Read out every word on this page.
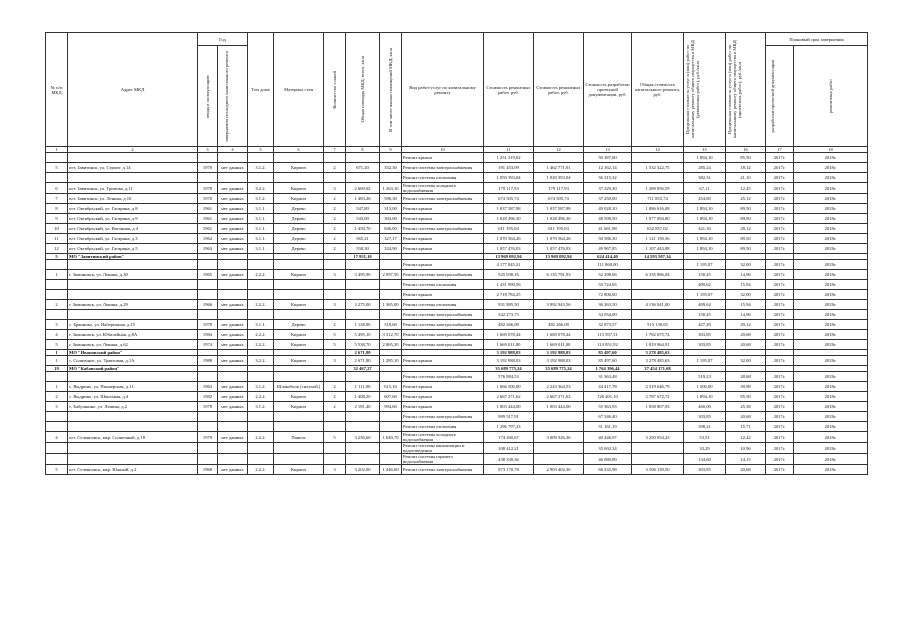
№ п/п МКД	Адрес МКД	Год		Тип дома	Материал стен	Количество этажей	Общая площадь МКД, всего, кв.м	В том числе жилых помещений МКД, кв.м	Вид работ/услуг по капитальному ремонту	Стоимость ремонтных работ, руб.	Стоимость ремонтных работ, руб.	Стоимость разработки проектной документации, руб.	Общая стоимость капитального ремонта, руб.	Предельная стоимость услуг и (или) работ по капитальному ремонту общего имущества в МКД (ремонтных работ), руб./кв.м	Предельная стоимость услуг и (или) работ по капитальному ремонту общего имущества в МКД (проектных работ), руб./кв.м	Плановый срок завершения	

		ввода в эксплуатацию	завершения последнего капитального ремонта													разработки проектной документации	ремонтных работ

1	2	3	4	5	6	7	8	9	10	11	12	13	14	15	16	17	18
									Ремонт крыши	1 251 319,02		50 387,60		1 894,10	85,50	2017г.	2018г.
5	пгт. Завитинск, ул. Строит. д.14	1970	нет данных	3.1.2.	Кирпич	2	671,20	352,30	Ремонт системы электроснабжения	191 453,09	1 462 771,01	12 162,14	1 532 322,75	285,24	18,12	2017г.	2018г.
									Ремонт системы отопления	1 050 393,04	1 020 393,04	56 315,32		382,31	21,10	2017г.	2018г.
6	пгт. Завитинск, ул. Громова, д.11	1978	нет данных	3.2.2.	Кирпич	3	2 669,02	1 263,10	Ремонт системы холодного водоснабжения	179 117,93	179 117,93	37 229,30	1 289 056,59	67,11	12,45	2017г.	2018г.
7	пгт. Завитинск, ул. Ленина, д.10	1970	нет данных	3.1.2.	Кирпич	2	1 483,26	596,30	Ремонт системы электроснабжения	674 505,74	674 505,74	37 250,00	711 855,74	454,80	25,12	2017г.	2018г.
8	пгт. Октябрьский, ул. Гагарина, д.8	1961	нет данных	3.1.1.	Дерево	2	547,80	313,00	Ремонт крыши	1 037 587,98	1 037 587,98	49 028,10	1 086 616,08	1 894,10	89,50	2017г.	2018г.
9	пгт. Октябрьский, ул. Гагарина, д.9	1961	нет данных	3.1.1.	Дерево	2	543,00	304,00	Ремонт крыши	1 028 496,30	1 028 496,30	48 598,50	1 077 094,80	1 894,10	89,50	2017г.	2018г.
10	пгт. Октябрьский, ул. Вагонная, д.4	1961	нет данных	3.1.1.	Дерево	2	1 450,70	846,00	Ремонт системы электроснабжения	611 195,04	611 195,04	41 661,98	652 857,02	421,30	28,12	2017г.	2018г.
11	пгт. Октябрьский, ул. Гагарина, д.3	1962	нет данных	3.1.1.	Дерево	2	565,21	327,17	Ремонт крыши	1 070 564,26	1 070 564,26	50 586,30	1 121 150,56	1 894,10	89,50	2017г.	2018г.
12	пгт. Октябрьский, ул. Гагарина, д.5	1963	нет данных	3.1.1.	Дерево	2	558,30	324,90	Ремонт крыши	1 057 476,03	1 057 476,03	49 967,85	1 107 443,88	1 894,10	89,50	2017г.	2018г.
5	МО "Завитинский район"						17 951,10			13 969 092,94	13 969 092,94	624 414,40	14 593 507,34				
									Ремонт крыши	4 177 845,21		111 868,00		1 195,07	32,00	2017г.	2018г.
1	г. Зиминовск, ул. Ленина, д.30	1965	нет данных	2.2.2.	Кирпич	3	3 495,90	2 097,50	Ремонт системы электроснабжения	525 938,16	6 135 791,93	52 298,66	6 335 886,04	150,45	14,96	2017г.	2018г.
									Ремонт системы отопления	1 431 990,56		53 724,65		409,62	15,94	2017г.	2018г.
									Ремонт крыши	2 718 784,25		72 806,00		1 195,07	32,00	2017г.	2018г.
2	г. Зиминовск, ул. Ленина, д.29	1966	нет данных	2.2.2.	Кирпич	3	2 275,00	1 365,00	Ремонт системы отопления	931 885,50	3 992 943,56	36 263,50	4 136 041,00	409,62	15,94	2017г.	2018г.
									Ремонт системы электроснабжения	342 273,75		34 034,00		150,45	14,96	2017г.	2018г.
3	с. Бранново, ул. Набережная, д.15	1978	нет данных	3.1.1.	Дерево	2	1 128,90	518,60	Ремонт системы электроснабжения	482 266,08	482 266,08	32 873,57	515 139,65	427,20	29,12	2017г.	2018г.
4	г. Зиминовск, ул. Юбилейная, д.8А	1984	нет данных	2.2.2.	Кирпич	5	5 495,10	3 312,70	Ремонт системы электроснабжения	1 669 078,44	1 669 078,44	113 597,31	1 782 675,74	303,85	20,68	2017г.	2018г.
5	г. Зиминовск, ул. Ленина, д.62	1974	нет данных	2.2.2.	Кирпич	5	5 538,70	2 865,20	Ремонт системы электроснабжения	1 669 011,00	1 669 011,00	114 951,92	1 819 964,91	303,85	20,68	2017г.	2018г.
1	МО "Ивановский район"						2 671,80			3 192 988,03	3 192 988,03	85 497,60	3 278 485,63				
1	с. Солнечное, ул. Трактовая, д.1А	1988	нет данных	3.2.2.	Кирпич	3	2 671,80	1 285,10	Ремонт крыши	3 192 988,03	3 192 988,03	85 497,60	3 278 485,63	1 195,07	32,00	2017г.	2018г.
19	МО "Кабанский район"						32 467,27			35 689 775,24	35 689 775,24	1 764 396,44	37 454 171,68				
									Ремонт системы электроснабжения	576 884,53		31 363,48		519,23	28,68	2017г.	2018г.
1	с. Выдрино, ул. Пионерская, д.11	1963	нет данных	3.1.2.	Шлакоблок (силухой.)	2	1 111,00	615,16	Ремонт крыши	1 666 500,00	2 243 364,53	44 417,78	2 319 646,79	1 500,00	39,98	2017г.	2018г.
2	с. Выдрино, ул. Школьная, д.4	1982	нет данных	2.2.2.	Кирпич	2	1 408,20	607,60	Ремонт крыши	2 667 271,62	2 667 271,62	120 401,10	2 787 672,72	1 894,10	85,50	2017г.	2018г.
3	с. Бабушкино, ул. Ленина, д.2	1978	нет данных	3.1.2.	Кирпич	2	2 181,40	994,60	Ремонт крыши	1 003 444,00	1 003 444,00	55 363,93	1 058 807,93	460,00	25,38	2017г.	2018г.
									Ремонт системы электроснабжения	989 517,91		67 346,40		303,85	20,68	2017г.	2018г.
									Ремонт системы отопления	1 296 797,23		51 161,19		398,21	15,71	2017г.	2018г.
4	пгт. Селенгинск, мкр. Солнечный, д.18	1979	нет данных	2.2.2.	Панель	5	3 256,60	1 649,70	Ремонт системы холодного водоснабжения	174 260,67	3 009 326,36	40 446,97	3 250 054,23	53,51	12,42	2017г.	2018г.
									Ремонт системы канализации и водоотведения	108 412,21		35 692,34		33,29	10,96	2017г.	2018г.
									Ремонт системы горячего водоснабжения	438 338,36		46 080,89		134,60	14,15	2017г.	2018г.
5	пгт. Селенгинск, мкр. Южный, д.2	1968	нет данных	2.2.2.	Кирпич	3	3 202,00	1 446,60	Ремонт системы электроснабжения	973 170,78	2 903 402,36	66 235,98	3 106 139,50	303,85	20,68	2017г.	2018г.
